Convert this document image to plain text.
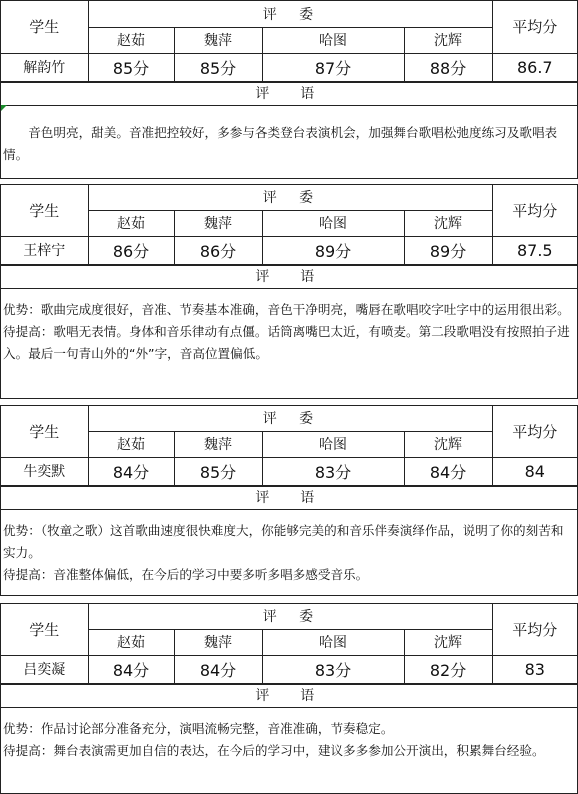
学生	评　委				平均分
	赵茹	魏萍	哈图	沈辉	
解韵竹	85分	85分	87分	88分	86.7
评　语

音色明亮，甜美。音准把控较好，多参与各类登台表演机会，加强舞台歌唱松弛度练习及歌唱表情。

学生	评　委				平均分
	赵茹	魏萍	哈图	沈辉	
王梓宁	86分	86分	89分	89分	87.5
评　语

优势：歌曲完成度很好，音准、节奏基本准确，音色干净明亮，嘴唇在歌唱咬字吐字中的运用很出彩。

待提高：歌唱无表情。身体和音乐律动有点僵。话筒离嘴巴太近，有喷麦。第二段歌唱没有按照拍子进入。最后一句青山外的“外”字，音高位置偏低。

学生	评　委				平均分
	赵茹	魏萍	哈图	沈辉	
牛奕默	84分	85分	83分	84分	84
评　语

优势：（牧童之歌）这首歌曲速度很快难度大，你能够完美的和音乐伴奏演绎作品，说明了你的刻苦和实力。

待提高：音准整体偏低，在今后的学习中要多听多唱多感受音乐。

学生	评　委				平均分
	赵茹	魏萍	哈图	沈辉	
吕奕凝	84分	84分	83分	82分	83
评　语

优势：作品讨论部分准备充分，演唱流畅完整，音准准确，节奏稳定。

待提高：舞台表演需更加自信的表达，在今后的学习中，建议多多参加公开演出，积累舞台经验。
